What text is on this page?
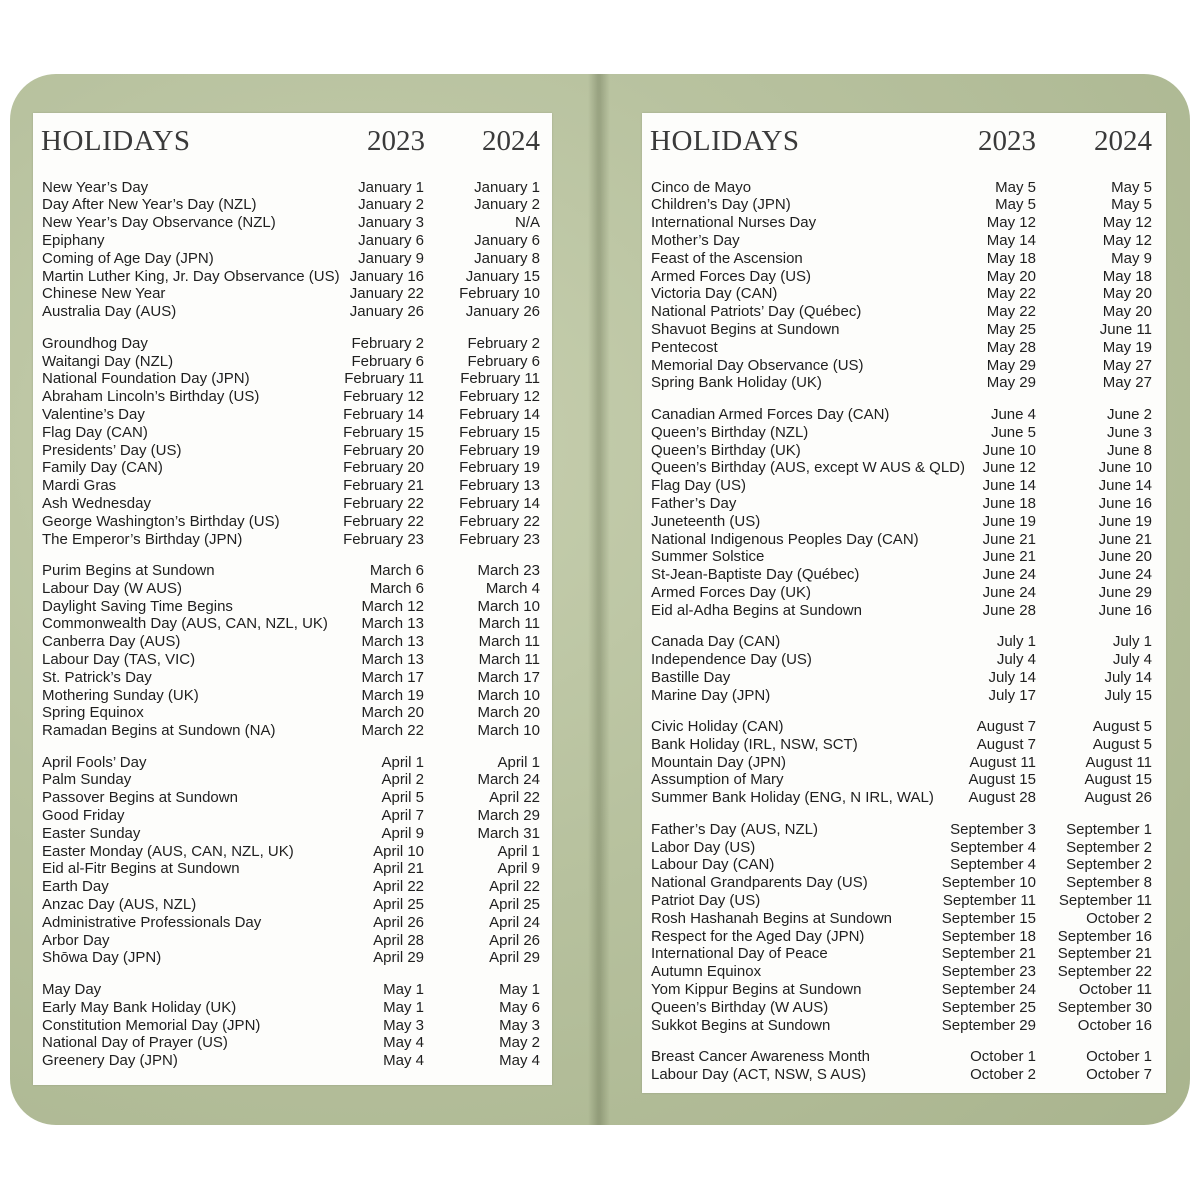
HOLIDAYS	2023 2024
New Year’s Day	January 1	January 1
Day After New Year’s Day (NZL)	January 2	January 2
New Year’s Day Observance (NZL)	January 3	N/A
Epiphany	January 6	January 6
Coming of Age Day (JPN)	January 9	January 8
Martin Luther King, Jr. Day Observance (US) January 16	January 15
Chinese New Year	January 22 February 10
Australia Day (AUS)	January 26	January 26
Groundhog Day	February 2	February 2
Waitangi Day (NZL)	February 6	February 6
National Foundation Day (JPN)	February 11 February 11
Abraham Lincoln’s Birthday (US)	February 12 February 12
Valentine’s Day	February 14 February 14
Flag Day (CAN)	February 15 February 15
Presidents’ Day (US)	February 20 February 19
Family Day (CAN)	February 20 February 19
Mardi Gras	February 21 February 13
Ash Wednesday	February 22 February 14
George Washington’s Birthday (US)	February 22 February 22
The Emperor’s Birthday (JPN)	February 23 February 23
Purim Begins at Sundown	March 6	March 23
Labour Day (W AUS)	March 6	March 4
Daylight Saving Time Begins	March 12	March 10
Commonwealth Day (AUS, CAN, NZL, UK) March 13	March 11
Canberra Day (AUS)	March 13	March 11
Labour Day (TAS, VIC)	March 13	March 11
St. Patrick’s Day	March 17	March 17
Mothering Sunday (UK)	March 19	March 10
Spring Equinox	March 20	March 20
Ramadan Begins at Sundown (NA)	March 22	March 10
April Fools’ Day	April 1	April 1
Palm Sunday	April 2	March 24
Passover Begins at Sundown	April 5	April 22
Good Friday	April 7	March 29
Easter Sunday	April 9	March 31
Easter Monday (AUS, CAN, NZL, UK)	April 10	April 1
Eid al-Fitr Begins at Sundown	April 21	April 9
Earth Day	April 22	April 22
Anzac Day (AUS, NZL)	April 25	April 25
Administrative Professionals Day	April 26	April 24
Arbor Day	April 28	April 26
Shōwa Day (JPN)	April 29	April 29
May Day	May 1	May 1
Early May Bank Holiday (UK)	May 1	May 6
Constitution Memorial Day (JPN)	May 3	May 3
National Day of Prayer (US)	May 4	May 2
Greenery Day (JPN)	May 4	May 4
HOLIDAYS	2023 2024
Cinco de Mayo	May 5	May 5
Children’s Day (JPN)	May 5	May 5
International Nurses Day	May 12	May 12
Mother’s Day	May 14	May 12
Feast of the Ascension	May 18	May 9
Armed Forces Day (US)	May 20	May 18
Victoria Day (CAN)	May 22	May 20
National Patriots’ Day (Québec)	May 22	May 20
Shavuot Begins at Sundown	May 25	June 11
Pentecost	May 28	May 19
Memorial Day Observance (US)	May 29	May 27
Spring Bank Holiday (UK)	May 29	May 27
Canadian Armed Forces Day (CAN)	June 4	June 2
Queen’s Birthday (NZL)	June 5	June 3
Queen’s Birthday (UK)	June 10	June 8
Queen’s Birthday (AUS, except W AUS & QLD) June 12	June 10
Flag Day (US)	June 14	June 14
Father’s Day	June 18	June 16
Juneteenth (US)	June 19	June 19
National Indigenous Peoples Day (CAN)	June 21	June 21
Summer Solstice	June 21	June 20
St-Jean-Baptiste Day (Québec)	June 24	June 24
Armed Forces Day (UK)	June 24	June 29
Eid al-Adha Begins at Sundown	June 28	June 16
Canada Day (CAN)	July 1	July 1
Independence Day (US)	July 4	July 4
Bastille Day	July 14	July 14
Marine Day (JPN)	July 17	July 15
Civic Holiday (CAN)	August 7	August 5
Bank Holiday (IRL, NSW, SCT)	August 7	August 5
Mountain Day (JPN)	August 11	August 11
Assumption of Mary	August 15	August 15
Summer Bank Holiday (ENG, N IRL, WAL) August 28	August 26
Father’s Day (AUS, NZL)	September 3 September 1
Labor Day (US)	September 4 September 2
Labour Day (CAN)	September 4 September 2
National Grandparents Day (US)	September 10 September 8
Patriot Day (US)	September 11 September 11
Rosh Hashanah Begins at Sundown	September 15	October 2
Respect for the Aged Day (JPN)	September 18 September 16
International Day of Peace	September 21 September 21
Autumn Equinox	September 23 September 22
Yom Kippur Begins at Sundown	September 24	October 11
Queen’s Birthday (W AUS)	September 25 September 30
Sukkot Begins at Sundown	September 29	October 16
Breast Cancer Awareness Month	October 1	October 1
Labour Day (ACT, NSW, S AUS)	October 2	October 7
